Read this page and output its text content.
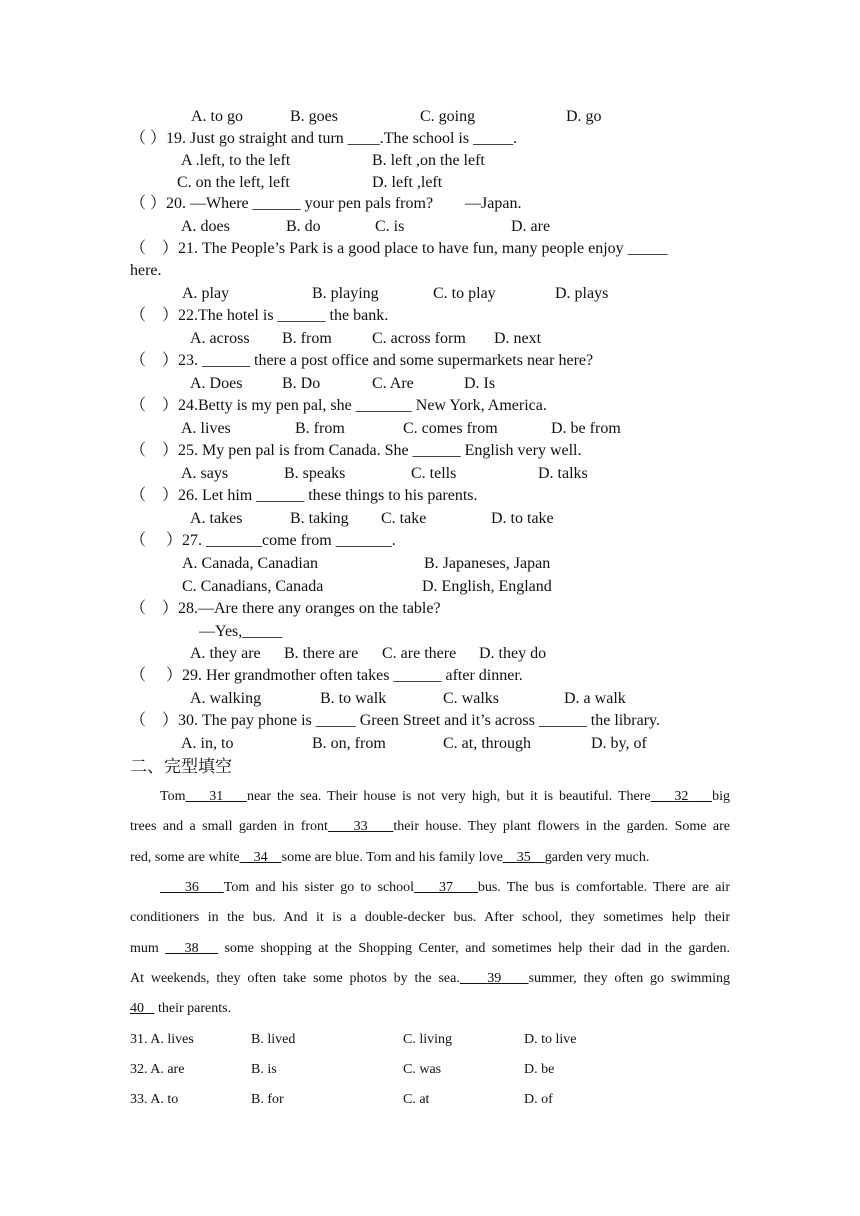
A. to go	B. goes	C. going	D. go
（ ）19. Just go straight and turn ____.The school is _____.
A .left, to the left	B. left ,on the left
C. on the left, left	D. left ,left
（ ）20. —Where ______ your pen pals from?        —Japan.
A. does	B. do	C. is	D. are
（    ）21. The People’s Park is a good place to have fun, many people enjoy _____
here.
A. play	B. playing	C. to play	D. plays
（    ）22.The hotel is ______ the bank.
A. across B. from	C. across form D. next
（    ）23. ______ there a post office and some supermarkets near here?
A. Does B. Do	C. Are	D. Is
（    ）24.Betty is my pen pal, she _______ New York, America.
A. lives	B. from	C. comes from	D. be from
（    ）25. My pen pal is from Canada. She ______ English very well.
A. says	B. speaks	C. tells	D. talks
（    ）26. Let him ______ these things to his parents.
A. takes	B. taking C. take	D. to take
（     ）27. _______come from _______.
A. Canada, Canadian	B. Japaneses, Japan
C. Canadians, Canada	D. English, England
（    ）28.—Are there any oranges on the table?
—Yes,_____
A. they are B. there are C. are there D. they do
（     ）29. Her grandmother often takes ______ after dinner.
A. walking	B. to walk	C. walks	D. a walk
（    ）30. The pay phone is _____ Green Street and it’s across ______ the library.
A. in, to	B. on, from	C. at, through	D. by, of
二、完型填空
Tom 31 near the sea. Their house is not very high, but it is beautiful. There 32 big
trees and a small garden in front 33 their house. They plant flowers in the garden. Some are
red, some are white 34 some are blue. Tom and his family love 35 garden very much.
36 Tom and his sister go to school 37 bus. The bus is comfortable. There are air
conditioners in the bus. And it is a double-decker bus. After school, they sometimes help their
mum    38    some shopping at the Shopping Center, and sometimes help their dad in the garden.
At weekends, they often take some photos by the sea. 39 summer, they often go swimming
40    their parents.
31. A. lives	B. lived	C. living	D. to live
32. A. are	B. is	C. was	D. be
33. A. to	B. for	C. at	D. of
